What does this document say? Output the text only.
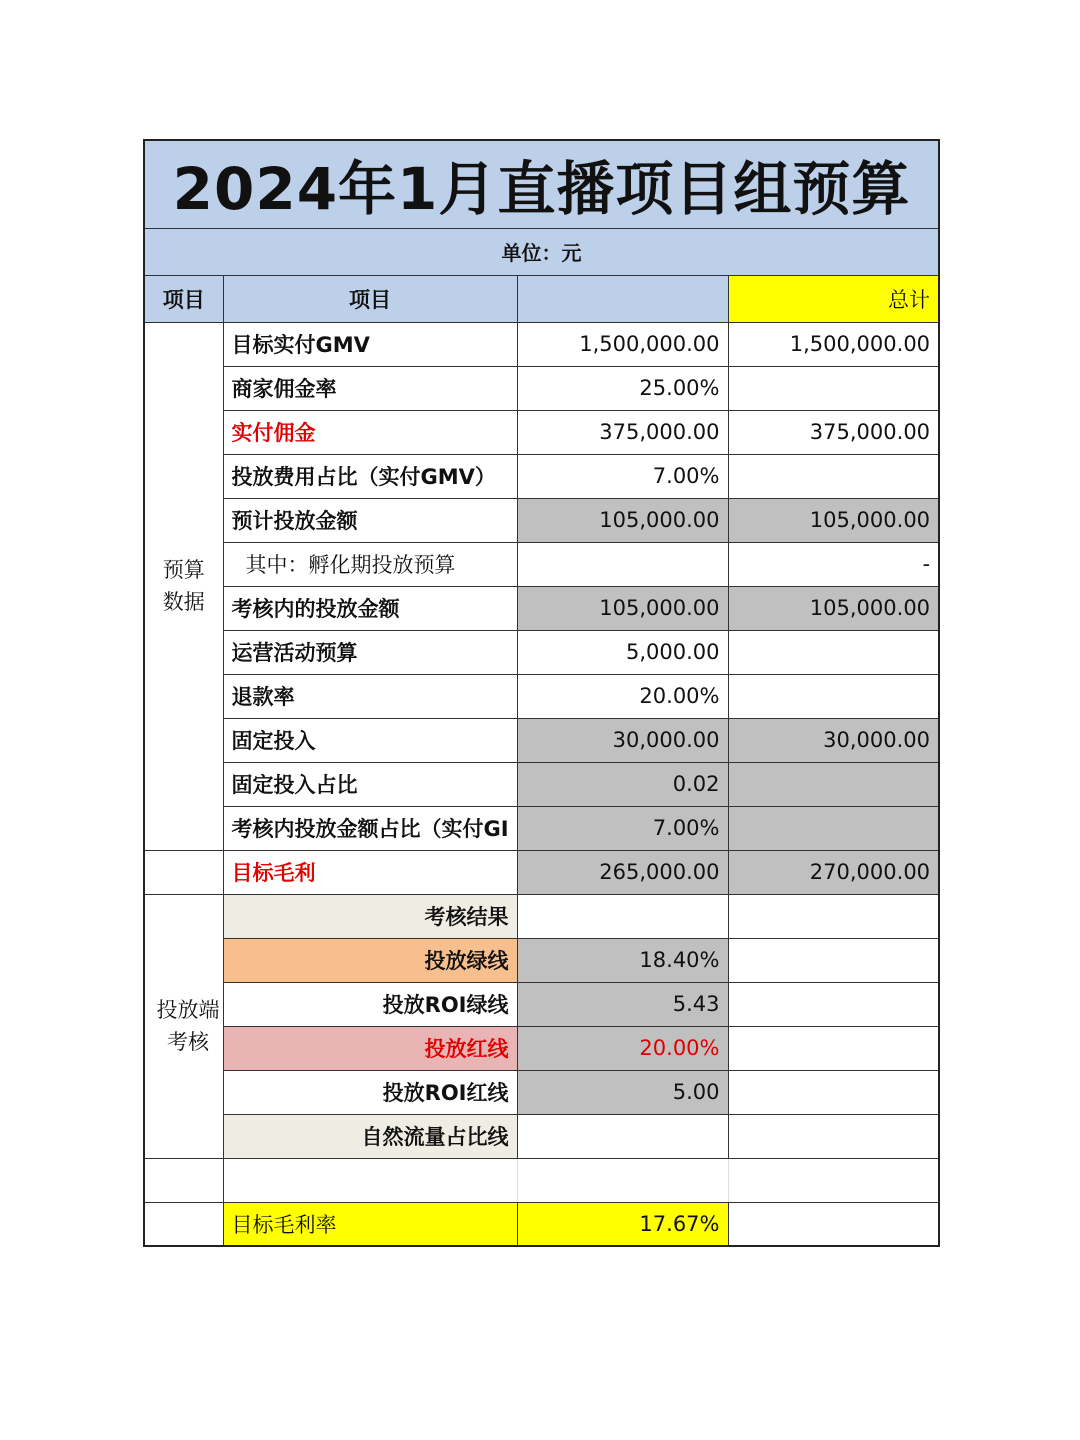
2024年1月直播项目组预算			
单位：元			
项目	项目		总计
预算数据	目标实付GMV	1,500,000.00	1,500,000.00
	商家佣金率	25.00%	
	实付佣金	375,000.00	375,000.00
	投放费用占比（实付GMV）	7.00%	
	预计投放金额	105,000.00	105,000.00
	其中：孵化期投放预算		-
	考核内的投放金额	105,000.00	105,000.00
	运营活动预算	5,000.00	
	退款率	20.00%	
	固定投入	30,000.00	30,000.00
	固定投入占比	0.02	
	考核内投放金额占比（实付GI	7.00%	
	目标毛利	265,000.00	270,000.00
投放端考核	考核结果		
	投放绿线	18.40%	
	投放ROI绿线	5.43	
	投放红线	20.00%	
	投放ROI红线	5.00	
	自然流量占比线		

	目标毛利率	17.67%	
